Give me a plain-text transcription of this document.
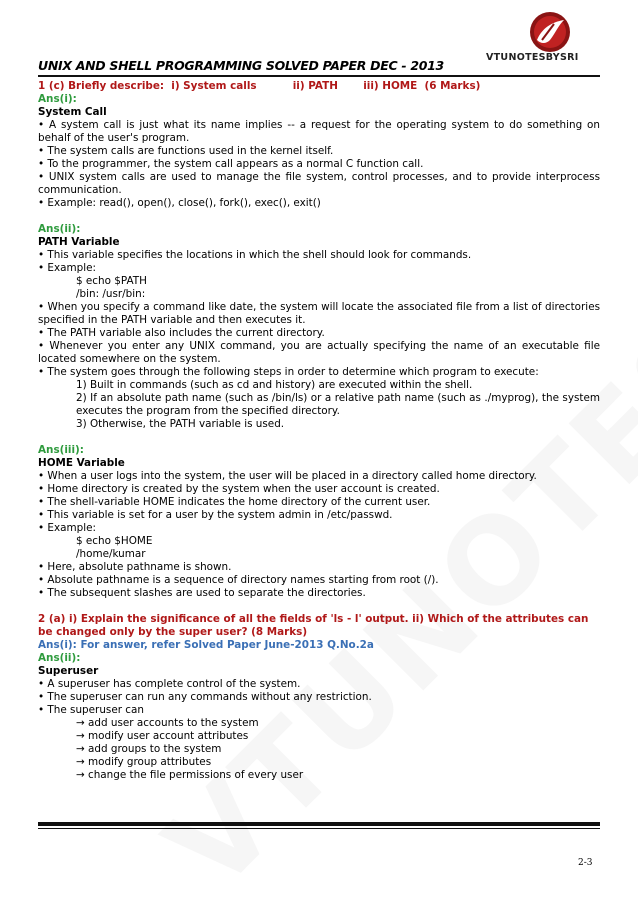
VTUNOTESBYSRI
UNIX AND SHELL PROGRAMMING SOLVED PAPER DEC - 2013

1 (c) Briefly describe:  i) System calls          ii) PATH       iii) HOME  (6 Marks)

Ans(i):

System Call

• A system call is just what its name implies -- a request for the operating system to do something on behalf of the user's program.

• The system calls are functions used in the kernel itself.

• To the programmer, the system call appears as a normal C function call.

• UNIX system calls are used to manage the file system, control processes, and to provide interprocess communication.

• Example: read(), open(), close(), fork(), exec(), exit()

Ans(ii):

PATH Variable

• This variable specifies the locations in which the shell should look for commands.

• Example:

$ echo $PATH

/bin: /usr/bin:

• When you specify a command like date, the system will locate the associated file from a list of directories specified in the PATH variable and then executes it.

• The PATH variable also includes the current directory.

• Whenever you enter any UNIX command, you are actually specifying the name of an executable file located somewhere on the system.

• The system goes through the following steps in order to determine which program to execute:

1) Built in commands (such as cd and history) are executed within the shell.

2) If an absolute path name (such as /bin/ls) or a relative path name (such as ./myprog), the system executes the program from the specified directory.

3) Otherwise, the PATH variable is used.

Ans(iii):

HOME Variable

• When a user logs into the system, the user will be placed in a directory called home directory.

• Home directory is created by the system when the user account is created.

• The shell-variable HOME indicates the home directory of the current user.

• This variable is set for a user by the system admin in /etc/passwd.

• Example:

$ echo $HOME

/home/kumar

• Here, absolute pathname is shown.

• Absolute pathname is a sequence of directory names starting from root (/).

• The subsequent slashes are used to separate the directories.

2 (a) i) Explain the significance of all the fields of 'ls - l' output. ii) Which of the attributes can be changed only by the super user? (8 Marks)

Ans(i): For answer, refer Solved Paper June-2013 Q.No.2a

Ans(ii):

Superuser

• A superuser has complete control of the system.

• The superuser can run any commands without any restriction.

• The superuser can

→ add user accounts to the system

→ modify user account attributes

→ add groups to the system

→ modify group attributes

→ change the file permissions of every user

2-3
